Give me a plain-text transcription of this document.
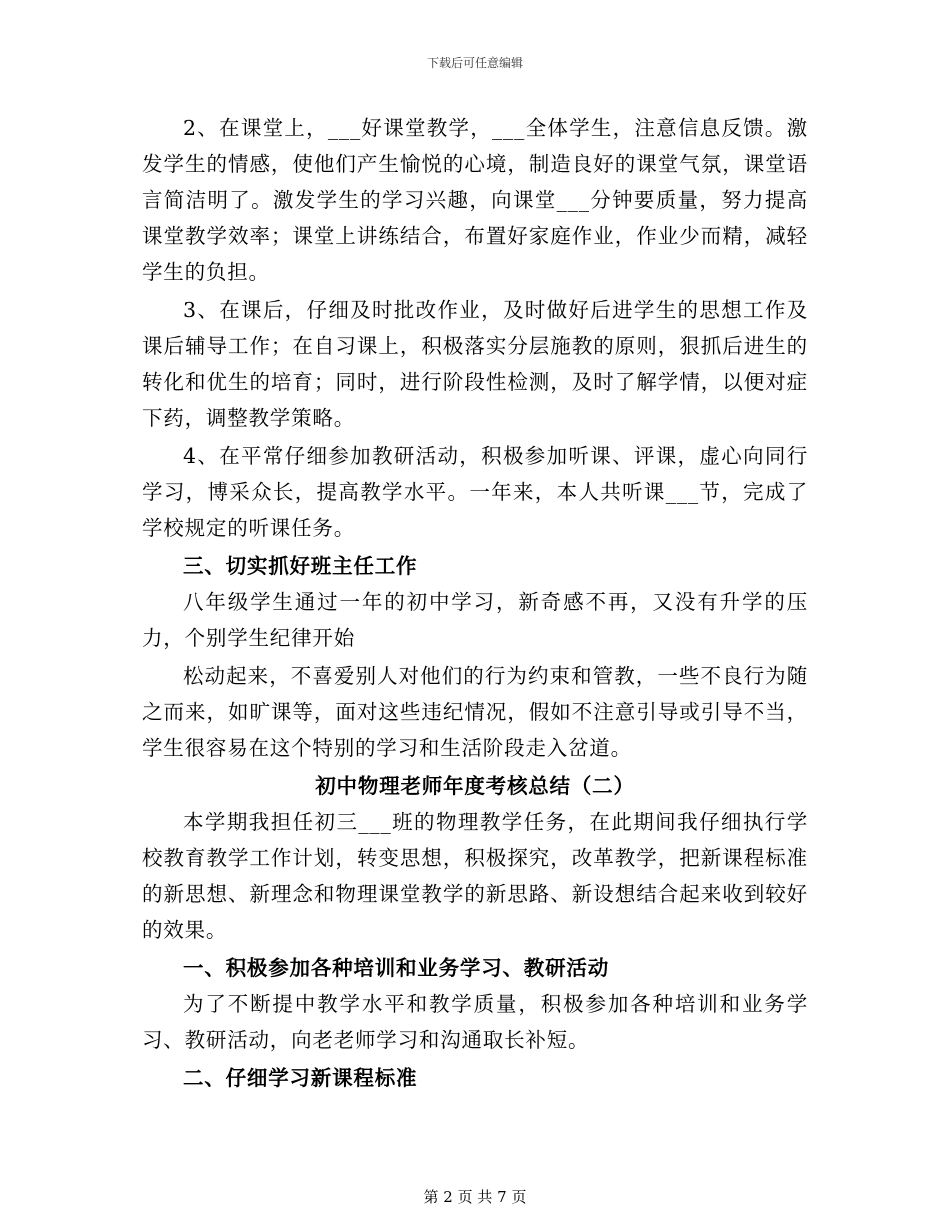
下载后可任意编辑

2、在课堂上，___好课堂教学，___全体学生，注意信息反馈。激发学生的情感，使他们产生愉悦的心境，制造良好的课堂气氛，课堂语言简洁明了。激发学生的学习兴趣，向课堂___分钟要质量，努力提高课堂教学效率；课堂上讲练结合，布置好家庭作业，作业少而精，减轻学生的负担。

3、在课后，仔细及时批改作业，及时做好后进学生的思想工作及课后辅导工作；在自习课上，积极落实分层施教的原则，狠抓后进生的转化和优生的培育；同时，进行阶段性检测，及时了解学情，以便对症下药，调整教学策略。

4、在平常仔细参加教研活动，积极参加听课、评课，虚心向同行学习，博采众长，提高教学水平。一年来，本人共听课___节，完成了学校规定的听课任务。

三、切实抓好班主任工作

八年级学生通过一年的初中学习，新奇感不再，又没有升学的压力，个别学生纪律开始

松动起来，不喜爱别人对他们的行为约束和管教，一些不良行为随之而来，如旷课等，面对这些违纪情况，假如不注意引导或引导不当，学生很容易在这个特别的学习和生活阶段走入岔道。

初中物理老师年度考核总结（二）

本学期我担任初三___班的物理教学任务，在此期间我仔细执行学校教育教学工作计划，转变思想，积极探究，改革教学，把新课程标准的新思想、新理念和物理课堂教学的新思路、新设想结合起来收到较好的效果。

一、积极参加各种培训和业务学习、教研活动

为了不断提中教学水平和教学质量，积极参加各种培训和业务学习、教研活动，向老老师学习和沟通取长补短。

二、仔细学习新课程标准

第 2 页 共 7 页
